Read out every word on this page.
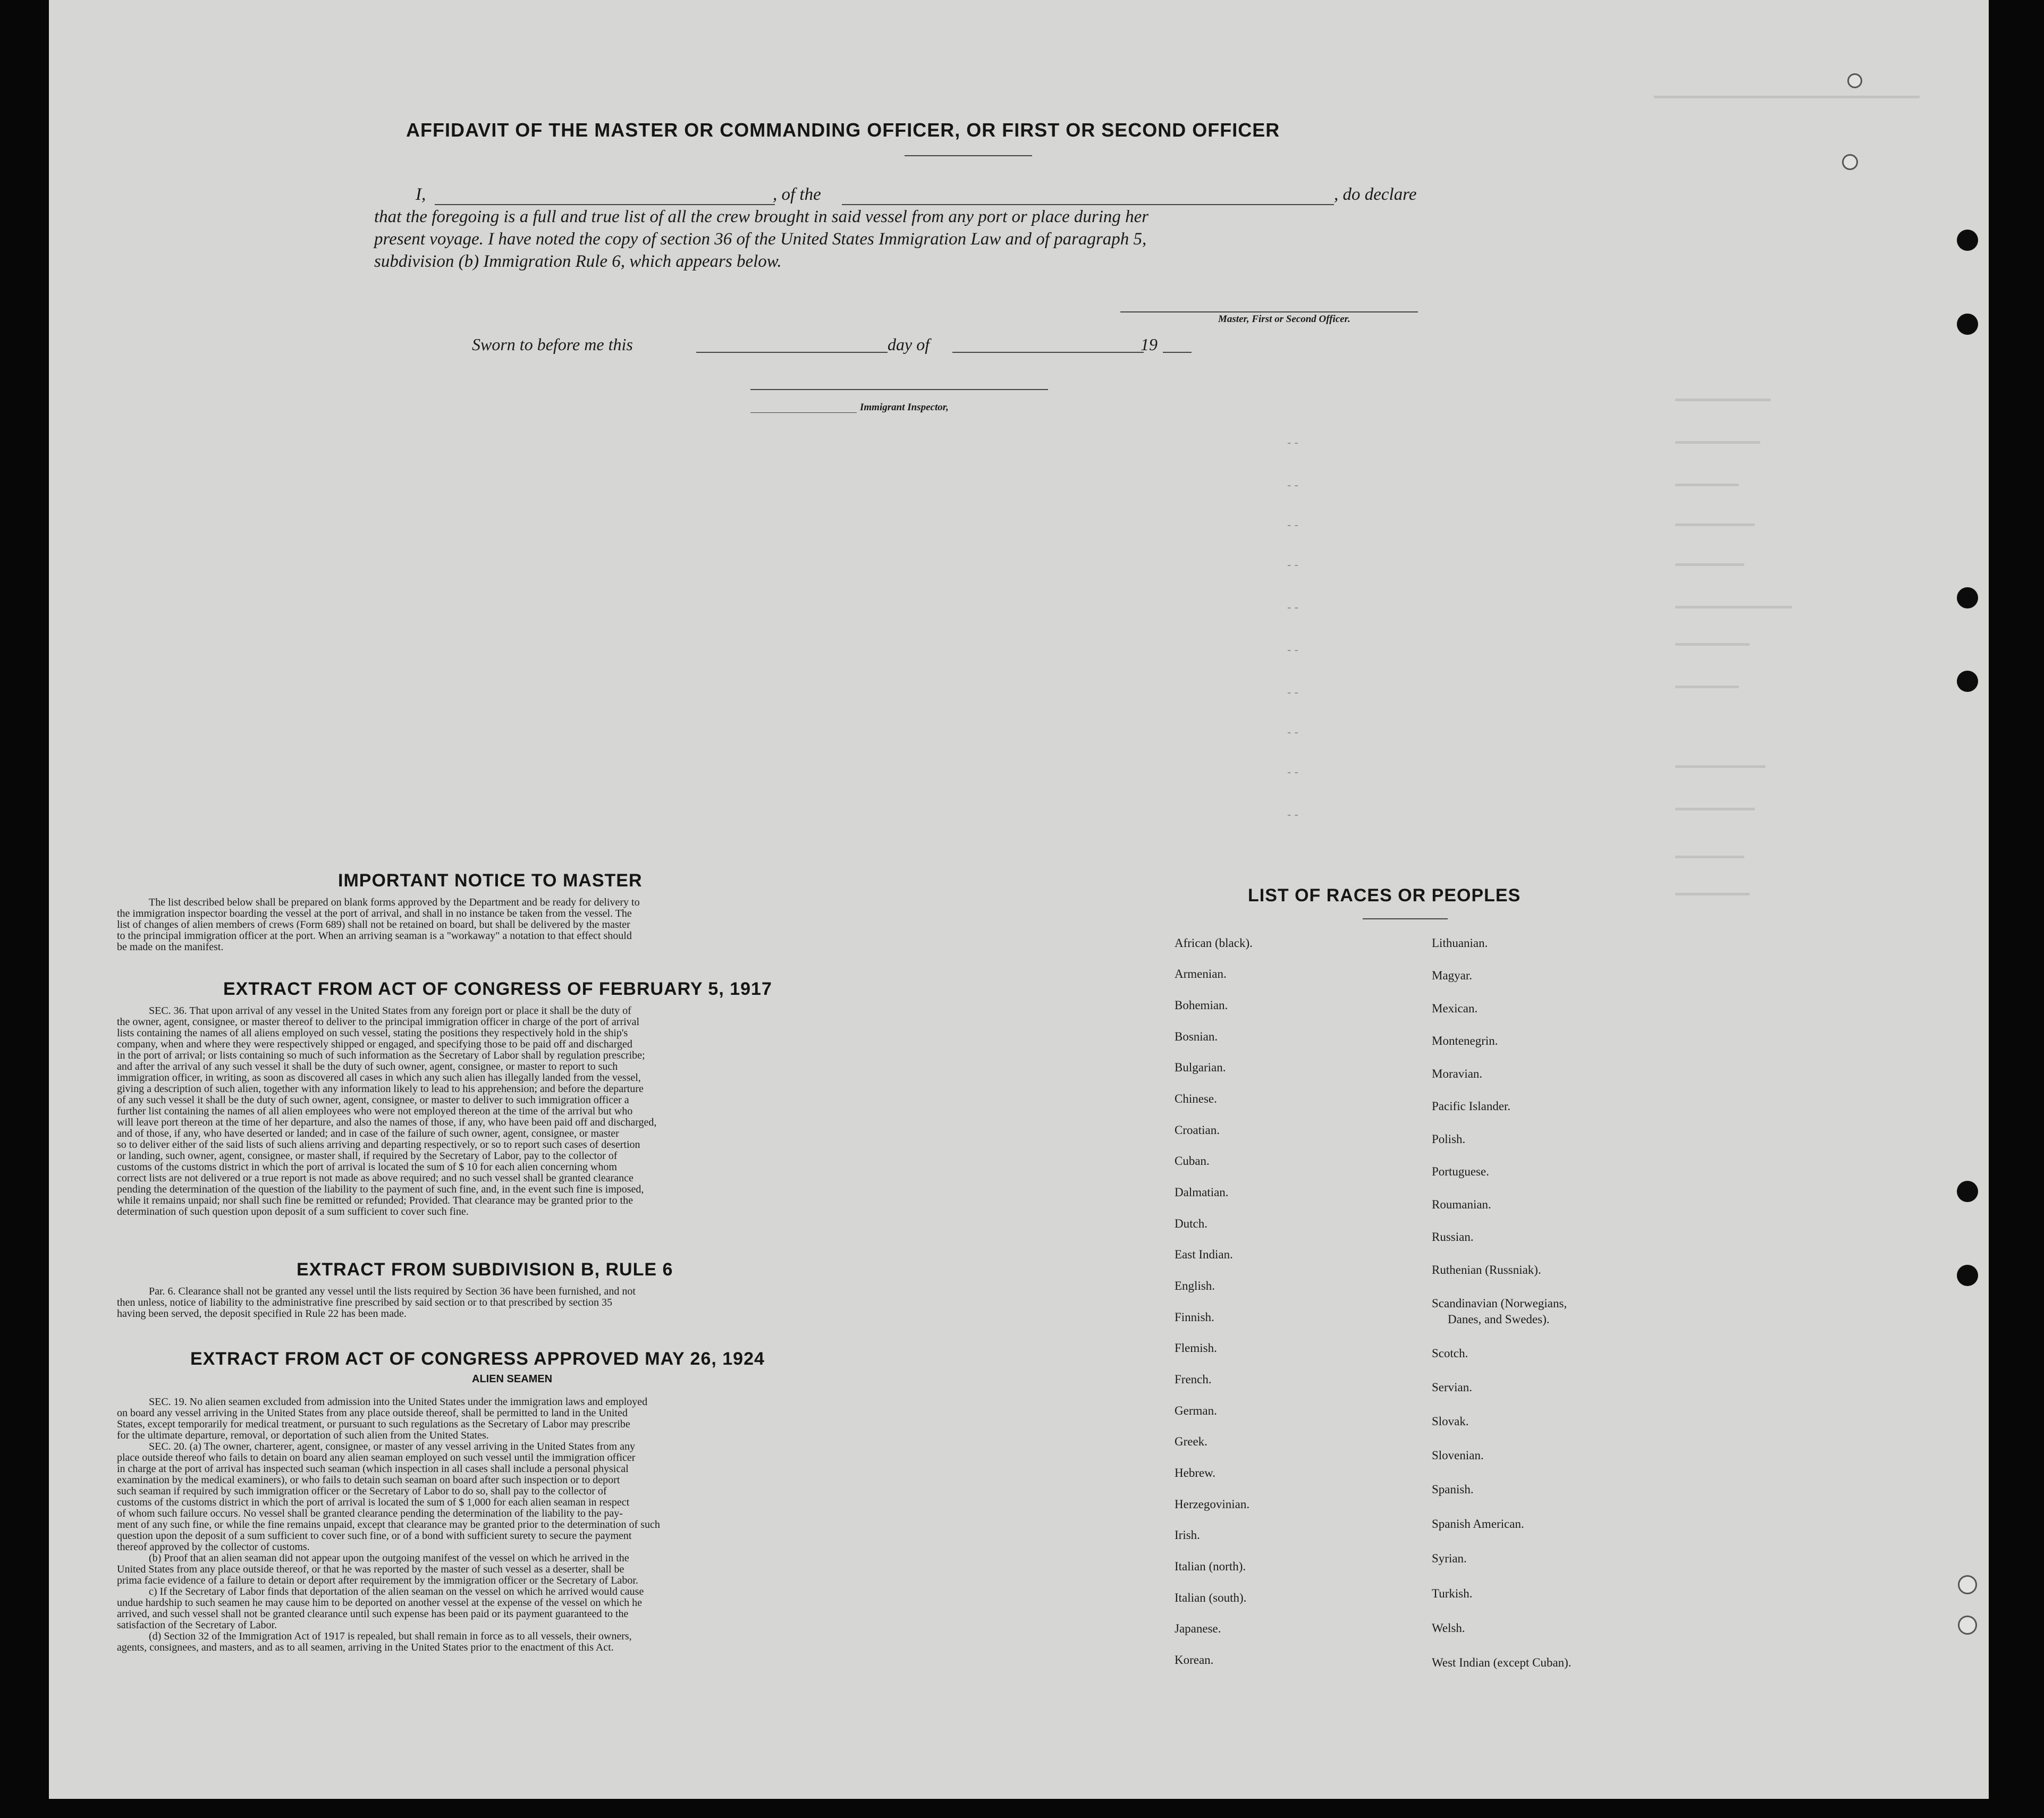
- -
- -
- -
- -
- -
- -
- -
- -
- -
- -
AFFIDAVIT OF THE MASTER OR COMMANDING OFFICER, OR FIRST OR SECOND OFFICER
I,	, of the	, do declare
that the foregoing is a full and true list of all the crew brought in said vessel from any port or place during her
present voyage. I have noted the copy of section 36 of the United States Immigration Law and of paragraph 5,
subdivision (b) Immigration Rule 6, which appears below.
Master, First or Second Officer.
Sworn to before me this	day of	19
Immigrant Inspector,
IMPORTANT NOTICE TO MASTER
The list described below shall be prepared on blank forms approved by the Department and be ready for delivery to
the immigration inspector boarding the vessel at the port of arrival, and shall in no instance be taken from the vessel. The
list of changes of alien members of crews (Form 689) shall not be retained on board, but shall be delivered by the master
to the principal immigration officer at the port. When an arriving seaman is a "workaway" a notation to that effect should
be made on the manifest.
EXTRACT FROM ACT OF CONGRESS OF FEBRUARY 5, 1917
SEC. 36. That upon arrival of any vessel in the United States from any foreign port or place it shall be the duty of
the owner, agent, consignee, or master thereof to deliver to the principal immigration officer in charge of the port of arrival
lists containing the names of all aliens employed on such vessel, stating the positions they respectively hold in the ship's
company, when and where they were respectively shipped or engaged, and specifying those to be paid off and discharged
in the port of arrival; or lists containing so much of such information as the Secretary of Labor shall by regulation prescribe;
and after the arrival of any such vessel it shall be the duty of such owner, agent, consignee, or master to report to such
immigration officer, in writing, as soon as discovered all cases in which any such alien has illegally landed from the vessel,
giving a description of such alien, together with any information likely to lead to his apprehension; and before the departure
of any such vessel it shall be the duty of such owner, agent, consignee, or master to deliver to such immigration officer a
further list containing the names of all alien employees who were not employed thereon at the time of the arrival but who
will leave port thereon at the time of her departure, and also the names of those, if any, who have been paid off and discharged,
and of those, if any, who have deserted or landed; and in case of the failure of such owner, agent, consignee, or master
so to deliver either of the said lists of such aliens arriving and departing respectively, or so to report such cases of desertion
or landing, such owner, agent, consignee, or master shall, if required by the Secretary of Labor, pay to the collector of
customs of the customs district in which the port of arrival is located the sum of $ 10 for each alien concerning whom
correct lists are not delivered or a true report is not made as above required; and no such vessel shall be granted clearance
pending the determination of the question of the liability to the payment of such fine, and, in the event such fine is imposed,
while it remains unpaid; nor shall such fine be remitted or refunded; Provided. That clearance may be granted prior to the
determination of such question upon deposit of a sum sufficient to cover such fine.
EXTRACT FROM SUBDIVISION B, RULE 6
Par. 6. Clearance shall not be granted any vessel until the lists required by Section 36 have been furnished, and not
then unless, notice of liability to the administrative fine prescribed by said section or to that prescribed by section 35
having been served, the deposit specified in Rule 22 has been made.
EXTRACT FROM ACT OF CONGRESS APPROVED MAY 26, 1924
ALIEN SEAMEN
SEC. 19. No alien seamen excluded from admission into the United States under the immigration laws and employed
on board any vessel arriving in the United States from any place outside thereof, shall be permitted to land in the United
States, except temporarily for medical treatment, or pursuant to such regulations as the Secretary of Labor may prescribe
for the ultimate departure, removal, or deportation of such alien from the United States.
SEC. 20. (a) The owner, charterer, agent, consignee, or master of any vessel arriving in the United States from any
place outside thereof who fails to detain on board any alien seaman employed on such vessel until the immigration officer
in charge at the port of arrival has inspected such seaman (which inspection in all cases shall include a personal physical
examination by the medical examiners), or who fails to detain such seaman on board after such inspection or to deport
such seaman if required by such immigration officer or the Secretary of Labor to do so, shall pay to the collector of
customs of the customs district in which the port of arrival is located the sum of $ 1,000 for each alien seaman in respect
of whom such failure occurs. No vessel shall be granted clearance pending the determination of the liability to the pay-
ment of any such fine, or while the fine remains unpaid, except that clearance may be granted prior to the determination of such
question upon the deposit of a sum sufficient to cover such fine, or of a bond with sufficient surety to secure the payment
thereof approved by the collector of customs.
(b) Proof that an alien seaman did not appear upon the outgoing manifest of the vessel on which he arrived in the
United States from any place outside thereof, or that he was reported by the master of such vessel as a deserter, shall be
prima facie evidence of a failure to detain or deport after requirement by the immigration officer or the Secretary of Labor.
c) If the Secretary of Labor finds that deportation of the alien seaman on the vessel on which he arrived would cause
undue hardship to such seamen he may cause him to be deported on another vessel at the expense of the vessel on which he
arrived, and such vessel shall not be granted clearance until such expense has been paid or its payment guaranteed to the
satisfaction of the Secretary of Labor.
(d) Section 32 of the Immigration Act of 1917 is repealed, but shall remain in force as to all vessels, their owners,
agents, consignees, and masters, and as to all seamen, arriving in the United States prior to the enactment of this Act.
LIST OF RACES OR PEOPLES
African (black).
Armenian.
Bohemian.
Bosnian.
Bulgarian.
Chinese.
Croatian.
Cuban.
Dalmatian.
Dutch.
East Indian.
English.
Finnish.
Flemish.
French.
German.
Greek.
Hebrew.
Herzegovinian.
Irish.
Italian (north).
Italian (south).
Japanese.
Korean.
Lithuanian.
Magyar.
Mexican.
Montenegrin.
Moravian.
Pacific Islander.
Polish.
Portuguese.
Roumanian.
Russian.
Ruthenian (Russniak).
Scandinavian (Norwegians,
Danes, and Swedes).
Scotch.
Servian.
Slovak.
Slovenian.
Spanish.
Spanish American.
Syrian.
Turkish.
Welsh.
West Indian (except Cuban).
